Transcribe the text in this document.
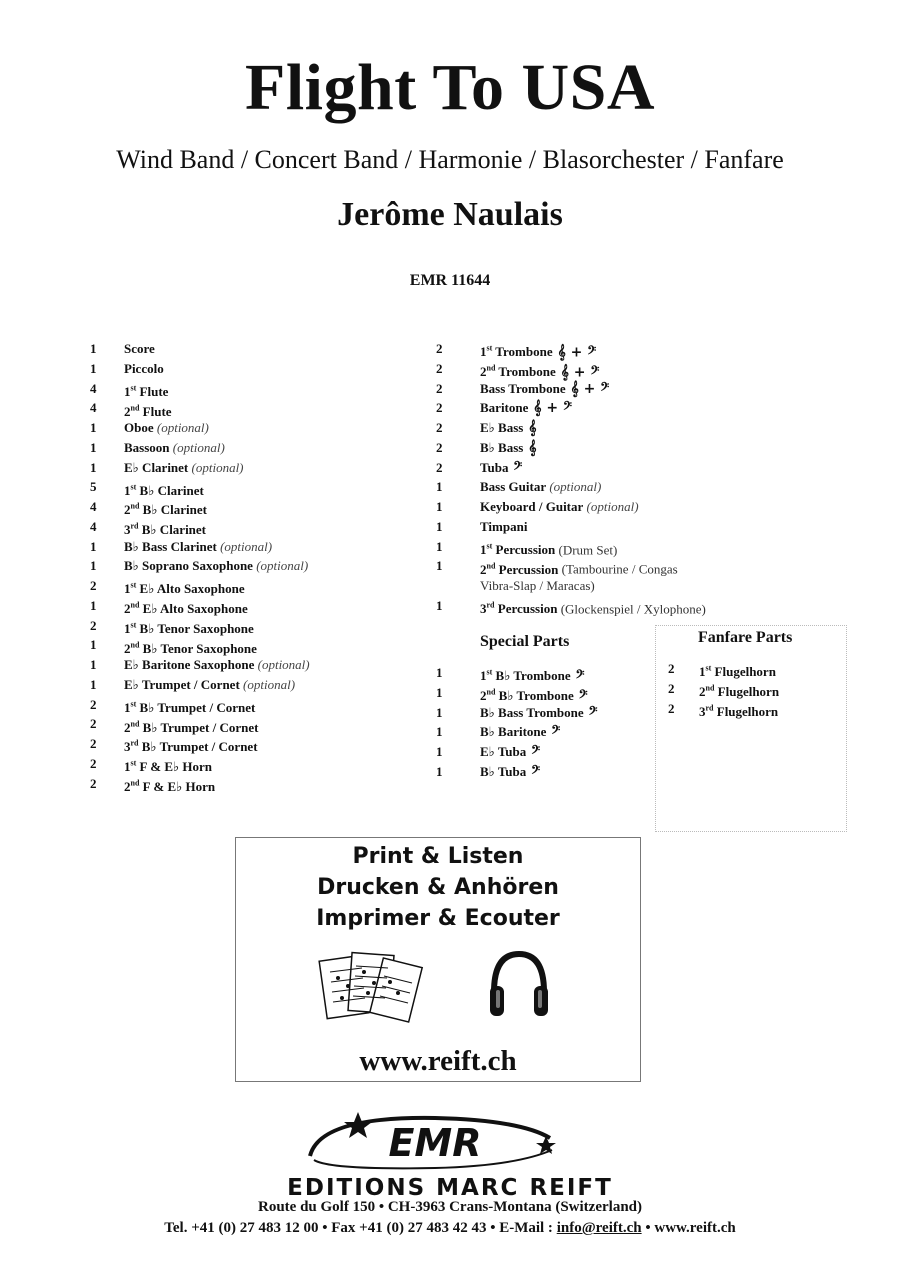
Flight To USA
Wind Band / Concert Band / Harmonie / Blasorchester / Fanfare
Jerôme Naulais
EMR 11644
1 Score
1 Piccolo
4 1st Flute
4 2nd Flute
1 Oboe (optional)
1 Bassoon (optional)
1 E♭ Clarinet (optional)
5 1st B♭ Clarinet
4 2nd B♭ Clarinet
4 3rd B♭ Clarinet
1 B♭ Bass Clarinet (optional)
1 B♭ Soprano Saxophone (optional)
2 1st E♭ Alto Saxophone
1 2nd E♭ Alto Saxophone
2 1st B♭ Tenor Saxophone
1 2nd B♭ Tenor Saxophone
1 E♭ Baritone Saxophone (optional)
1 E♭ Trumpet / Cornet (optional)
2 1st B♭ Trumpet / Cornet
2 2nd B♭ Trumpet / Cornet
2 3rd B♭ Trumpet / Cornet
2 1st F & E♭ Horn
2 2nd F & E♭ Horn
2	1st Trombone 𝄞 + 𝄢
2	2nd Trombone 𝄞 + 𝄢
2	Bass Trombone 𝄞 + 𝄢
2	Baritone 𝄞 + 𝄢
2	E♭ Bass 𝄞
2	B♭ Bass 𝄞
2	Tuba 𝄢
1	Bass Guitar (optional)
1	Keyboard / Guitar (optional)
1	Timpani
1	1st Percussion (Drum Set)
1	2nd Percussion (Tambourine / Congas
Vibra-Slap / Maracas)
1	3rd Percussion (Glockenspiel / Xylophone)
Special Parts
1	1st B♭ Trombone 𝄢
1	2nd B♭ Trombone 𝄢
1	B♭ Bass Trombone 𝄢
1	B♭ Baritone 𝄢
1	E♭ Tuba 𝄢
1	B♭ Tuba 𝄢
Fanfare Parts
2 1st Flugelhorn
2 2nd Flugelhorn
2 3rd Flugelhorn
Print & Listen
Drucken & Anhören
Imprimer & Ecouter
www.reift.ch
EMR
EDITIONS MARC REIFT
Route du Golf 150 • CH-3963 Crans-Montana (Switzerland)
Tel. +41 (0) 27 483 12 00 • Fax +41 (0) 27 483 42 43 • E-Mail : info@reift.ch • www.reift.ch
